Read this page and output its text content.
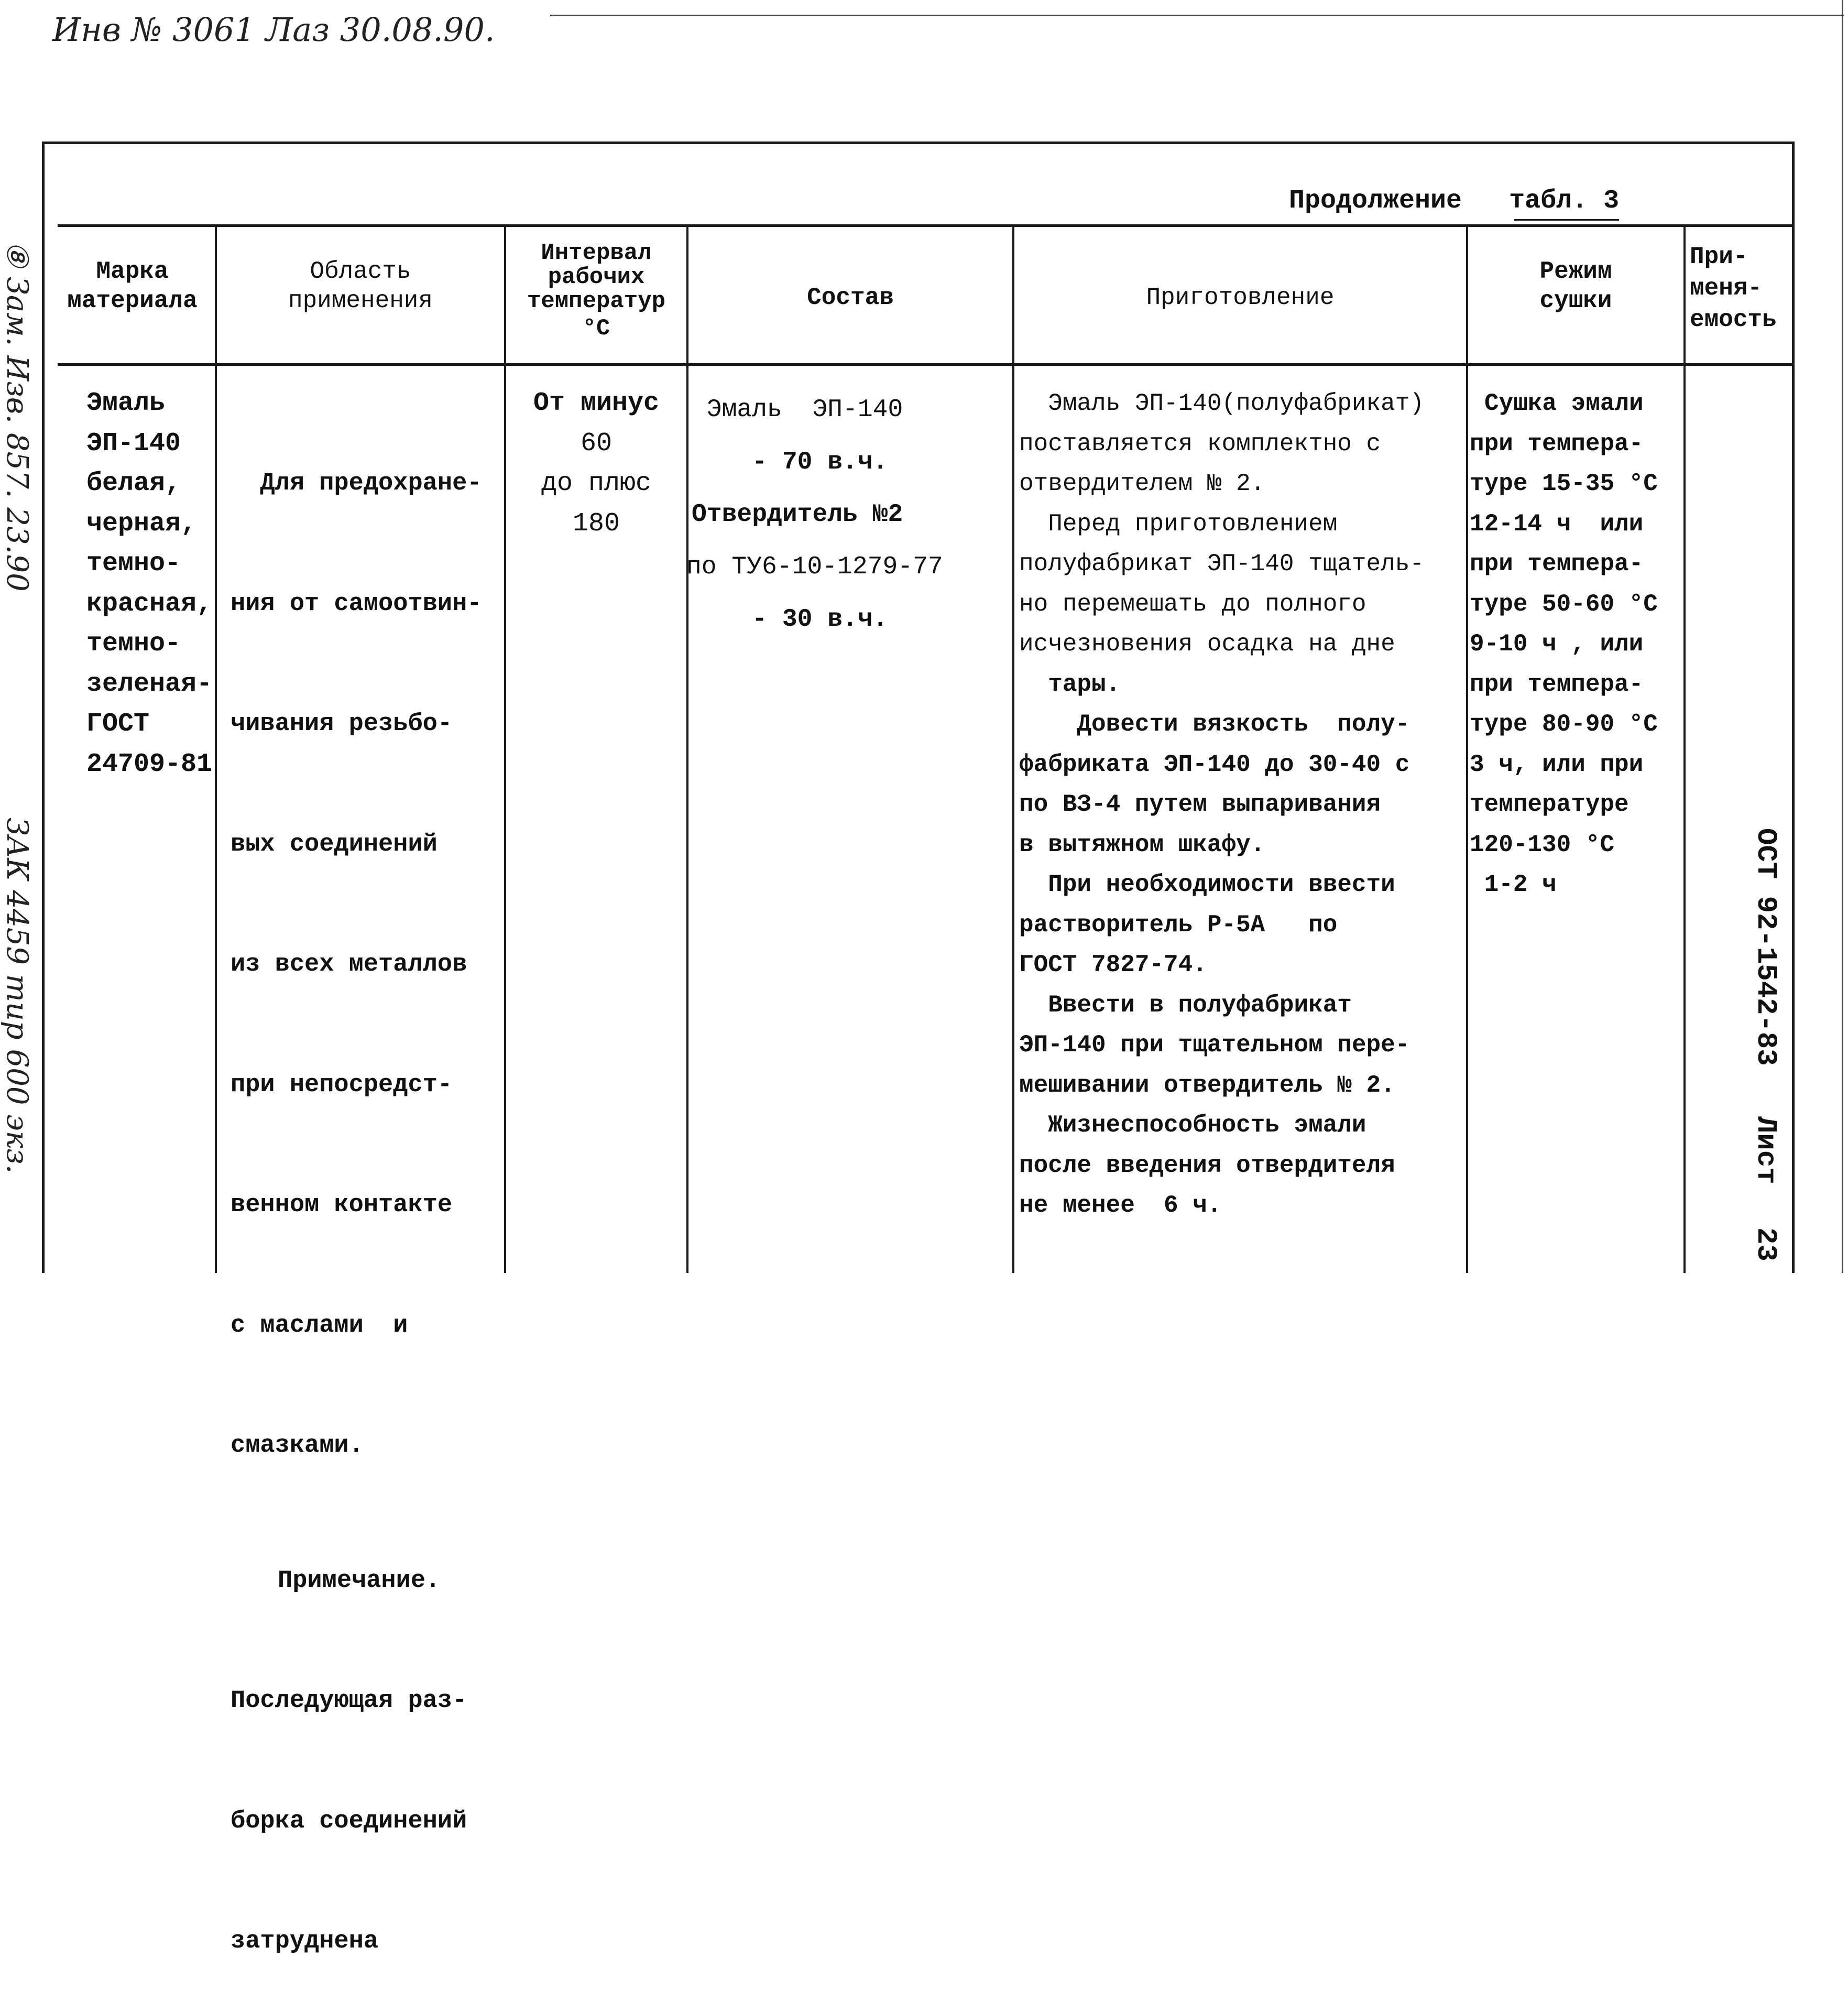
Инв № 3061 Лаз 30.08.90.
⑧ Зам. Изв. 857. 23.90
ЗАК 4459 тир 600 экз.
Продолжение табл. 3
Марка
материала
Область
применения
Интервал
рабочих
температур
°C
Состав	Приготовление
Режим
сушки
При-
меня-
емость
Эмаль
ЭП-140
белая,
черная,
темно-
красная,
темно-
зеленая-
ГОСТ
24709-81

Для предохране-

ния от самоотвин-

чивания резьбо-

вых соединений

из всех металлов

при непосредст-

венном контакте

с маслами  и

смазками.

Примечание.

Последующая раз-

борка соединений

затруднена

От минус
60
до плюс
180
Эмаль  ЭП-140
- 70 в.ч.
Отвердитель №2
по ТУ6-10-1279-77
- 30 в.ч.
Эмаль ЭП-140(полуфабрикат)
поставляется комплектно с
отвердителем № 2.
Перед приготовлением
полуфабрикат ЭП-140 тщатель-
но перемешать до полного
исчезновения осадка на дне
тары.
Довести вязкость  полу-
фабриката ЭП-140 до 30-40 с
по ВЗ-4 путем выпаривания
в вытяжном шкафу.
При необходимости ввести
растворитель Р-5А   по
ГОСТ 7827-74.
Ввести в полуфабрикат
ЭП-140 при тщательном пере-
мешивании отвердитель № 2.
Жизнеспособность эмали
после введения отвердителя
не менее  6 ч.
Сушка эмали
при темпера-
туре 15-35 °C
12-14 ч  или
при темпера-
туре 50-60 °C
9-10 ч , или
при темпера-
туре 80-90 °C
3 ч, или при
температуре
120-130 °C
1-2 ч	ОСТ 92-1542-83
Лист 23
